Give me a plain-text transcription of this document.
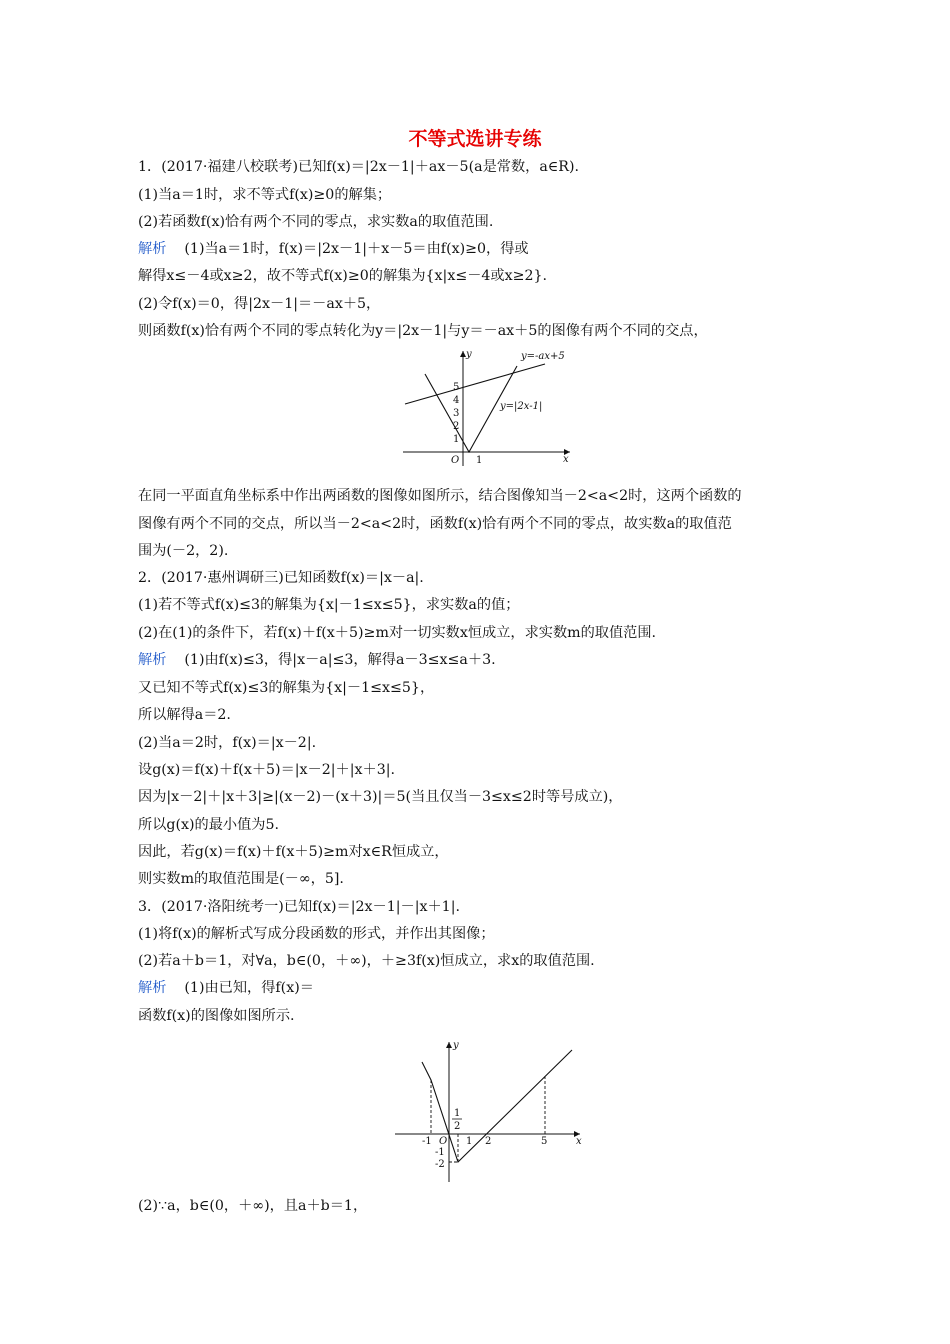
不等式选讲专练
1．(2017·福建八校联考)已知f(x)＝|2x－1|＋ax－5(a是常数，a∈R).
(1)当a＝1时，求不等式f(x)≥0的解集；
(2)若函数f(x)恰有两个不同的零点，求实数a的取值范围.
解析 (1)当a＝1时，f(x)＝|2x－1|＋x－5＝由f(x)≥0，得或
解得x≤－4或x≥2，故不等式f(x)≥0的解集为{x|x≤－4或x≥2}.
(2)令f(x)＝0，得|2x－1|＝－ax＋5，
则函数f(x)恰有两个不同的零点转化为y＝|2x－1|与y＝－ax＋5的图像有两个不同的交点，
在同一平面直角坐标系中作出两函数的图像如图所示，结合图像知当－2<a<2时，这两个函数的
图像有两个不同的交点，所以当－2<a<2时，函数f(x)恰有两个不同的零点，故实数a的取值范
围为(－2，2).
2．(2017·惠州调研三)已知函数f(x)＝|x－a|.
(1)若不等式f(x)≤3的解集为{x|－1≤x≤5}，求实数a的值；
(2)在(1)的条件下，若f(x)＋f(x＋5)≥m对一切实数x恒成立，求实数m的取值范围.
解析 (1)由f(x)≤3，得|x－a|≤3，解得a－3≤x≤a＋3.
又已知不等式f(x)≤3的解集为{x|－1≤x≤5}，
所以解得a＝2.
(2)当a＝2时，f(x)＝|x－2|.
设g(x)＝f(x)＋f(x＋5)＝|x－2|＋|x＋3|.
因为|x－2|＋|x＋3|≥|(x－2)－(x＋3)|＝5(当且仅当－3≤x≤2时等号成立)，
所以g(x)的最小值为5.
因此，若g(x)＝f(x)＋f(x＋5)≥m对x∈R恒成立，
则实数m的取值范围是(－∞，5].
3．(2017·洛阳统考一)已知f(x)＝|2x－1|－|x＋1|.
(1)将f(x)的解析式写成分段函数的形式，并作出其图像；
(2)若a＋b＝1，对∀a，b∈(0，＋∞)，＋≥3f(x)恒成立，求x的取值范围.
解析 (1)由已知，得f(x)＝
函数f(x)的图像如图所示.
(2)∵a，b∈(0，＋∞)，且a＋b＝1，
y
x
O 1
5
4
3
2
1
y=-ax+5
y=|2x-1|
y
x
O
-1	1 2	5
-1
-2
1
2
